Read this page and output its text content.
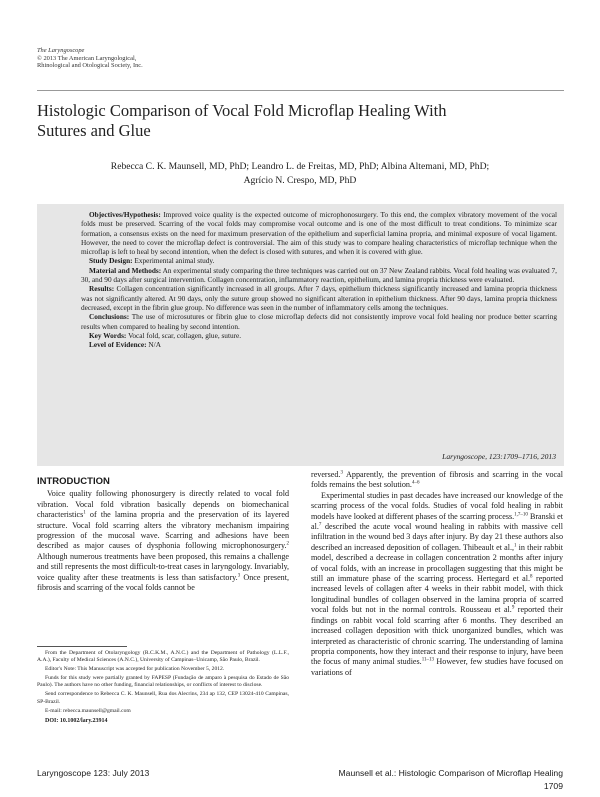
The Laryngoscope
© 2013 The American Laryngological,
Rhinological and Otological Society, Inc.
Histologic Comparison of Vocal Fold Microflap Healing With
Sutures and Glue
Rebecca C. K. Maunsell, MD, PhD; Leandro L. de Freitas, MD, PhD; Albina Altemani, MD, PhD;
Agrício N. Crespo, MD, PhD

Objectives/Hypothesis: Improved voice quality is the expected outcome of microphonosurgery. To this end, the complex vibratory movement of the vocal folds must be preserved. Scarring of the vocal folds may compromise vocal outcome and is one of the most difficult to treat conditions. To minimize scar formation, a consensus exists on the need for maximum preservation of the epithelium and superficial lamina propria, and minimal exposure of vocal ligament. However, the need to cover the microflap defect is controversial. The aim of this study was to compare healing characteristics of microflap technique when the microflap is left to heal by second intention, when the defect is closed with sutures, and when it is covered with glue.

Study Design: Experimental animal study.

Material and Methods: An experimental study comparing the three techniques was carried out on 37 New Zealand rabbits. Vocal fold healing was evaluated 7, 30, and 90 days after surgical intervention. Collagen concentration, inflammatory reaction, epithelium, and lamina propria thickness were evaluated.

Results: Collagen concentration significantly increased in all groups. After 7 days, epithelium thickness significantly increased and lamina propria thickness was not significantly altered. At 90 days, only the suture group showed no significant alteration in epithelium thickness. After 90 days, lamina propria thickness decreased, except in the fibrin glue group. No difference was seen in the number of inflammatory cells among the techniques.

Conclusions: The use of microsutures or fibrin glue to close microflap defects did not consistently improve vocal fold healing nor produce better scarring results when compared to healing by second intention.

Key Words: Vocal fold, scar, collagen, glue, suture.

Level of Evidence: N/A

Laryngoscope, 123:1709–1716, 2013
INTRODUCTION

Voice quality following phonosurgery is directly related to vocal fold vibration. Vocal fold vibration basically depends on biomechanical characteristics$^1$ of the lamina propria and the preservation of its layered structure. Vocal fold scarring alters the vibratory mechanism impairing progression of the mucosal wave. Scarring and adhesions have been described as major causes of dysphonia following microphonosurgery.$^2$ Although numerous treatments have been proposed, this remains a challenge and still represents the most difficult-to-treat cases in laryngology. Invariably, voice quality after these treatments is less than satisfactory.$^3$ Once present, fibrosis and scarring of the vocal folds cannot be

From the Department of Otolaryngology (R.C.K.M., A.N.C.) and the Department of Pathology (L.L.F., A.A.), Faculty of Medical Sciences (A.N.C.), University of Campinas–Unicamp, São Paulo, Brazil.

Editor's Note: This Manuscript was accepted for publication November 5, 2012.

Funds for this study were partially granted by FAPESP (Fundação de amparo à pesquisa do Estado de São Paulo). The authors have no other funding, financial relationships, or conflicts of interest to disclose.

Send correspondence to Rebecca C. K. Maunsell, Rua dos Alecrins, 234 ap 132, CEP 13024-410 Campinas, SP-Brazil.

E-mail: rebecca.maunsell@gmail.com

DOI: 10.1002/lary.23914

reversed.$^3$ Apparently, the prevention of fibrosis and scarring in the vocal folds remains the best solution.$^{4-6}$

Experimental studies in past decades have increased our knowledge of the scarring process of the vocal folds. Studies of vocal fold healing in rabbit models have looked at different phases of the scarring process.$^{1,7-10}$ Branski et al.$^7$ described the acute vocal wound healing in rabbits with massive cell infiltration in the wound bed 3 days after injury. By day 21 these authors also described an increased deposition of collagen. Thibeault et al.,$^1$ in their rabbit model, described a decrease in collagen concentration 2 months after injury of vocal folds, with an increase in procollagen suggesting that this might be still an immature phase of the scarring process. Hertegard et al.$^8$ reported increased levels of collagen after 4 weeks in their rabbit model, with thick longitudinal bundles of collagen observed in the lamina propria of scarred vocal folds but not in the normal controls. Rousseau et al.$^9$ reported their findings on rabbit vocal fold scarring after 6 months. They described an increased collagen deposition with thick unorganized bundles, which was interpreted as characteristic of chronic scarring. The understanding of lamina propria components, how they interact and their response to injury, have been the focus of many animal studies.$^{11-13}$ However, few studies have focused on variations of

Laryngoscope 123: July 2013	Maunsell et al.: Histologic Comparison of Microflap Healing
1709
